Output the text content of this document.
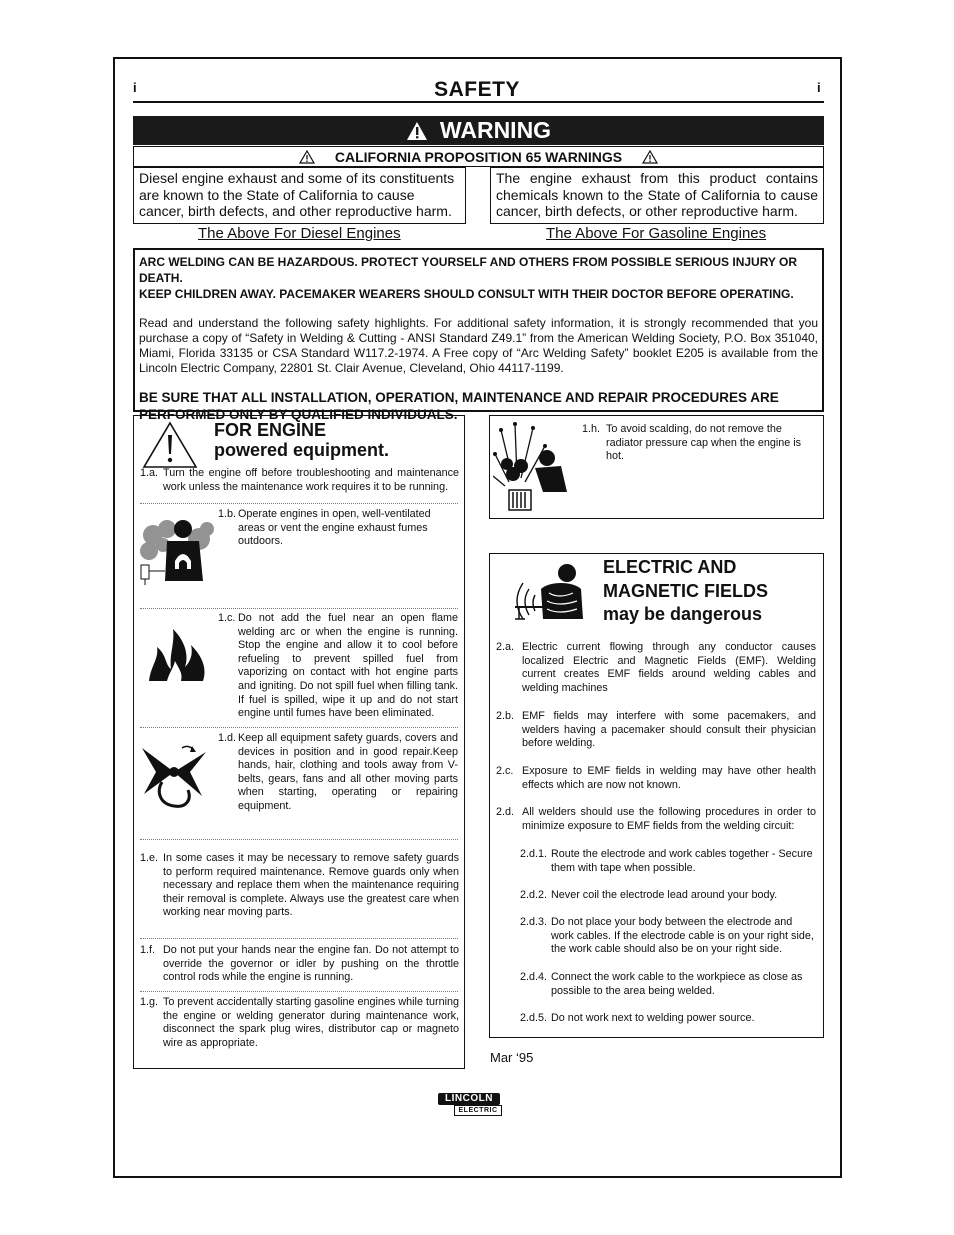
i	i
SAFETY
WARNING
CALIFORNIA PROPOSITION 65 WARNINGS
Diesel engine exhaust and some of its constituents are known to the State of California to cause cancer, birth defects, and other reproductive harm.
The engine exhaust from this product contains chemicals known to the State of California to cause cancer, birth defects, or other reproductive harm.
The Above For Diesel Engines	The Above For Gasoline Engines
ARC WELDING CAN BE HAZARDOUS. PROTECT YOURSELF AND OTHERS FROM POSSIBLE SERIOUS INJURY OR DEATH.
KEEP CHILDREN AWAY. PACEMAKER WEARERS SHOULD CONSULT WITH THEIR DOCTOR BEFORE OPERATING.
Read and understand the following safety highlights. For additional safety information, it is strongly recommended that you purchase a copy of “Safety in Welding & Cutting - ANSI Standard Z49.1” from the American Welding Society, P.O. Box 351040, Miami, Florida 33135 or CSA Standard W117.2-1974. A Free copy of “Arc Welding Safety” booklet E205 is available from the Lincoln Electric Company, 22801 St. Clair Avenue, Cleveland, Ohio 44117-1199.
BE SURE THAT ALL INSTALLATION, OPERATION, MAINTENANCE AND REPAIR PROCEDURES ARE PERFORMED ONLY BY QUALIFIED INDIVIDUALS.
FOR ENGINE
powered equipment.
1.a. Turn the engine off before troubleshooting and maintenance work unless the maintenance work requires it to be running.
1.b. Operate engines in open, well-ventilated areas or vent the engine exhaust fumes outdoors.
1.c. Do not add the fuel near an open flame welding arc or when the engine is running. Stop the engine and allow it to cool before refueling to prevent spilled fuel from vaporizing on contact with hot engine parts and igniting. Do not spill fuel when filling tank. If fuel is spilled, wipe it up and do not start engine until fumes have been eliminated.
1.d. Keep all equipment safety guards, covers and devices in position and in good repair.Keep hands, hair, clothing and tools away from V-belts, gears, fans and all other moving parts when starting, operating or repairing equipment.
1.e. In some cases it may be necessary to remove safety guards to perform required maintenance. Remove guards only when necessary and replace them when the maintenance requiring their removal is complete. Always use the greatest care when working near moving parts.
1.f. Do not put your hands near the engine fan. Do not attempt to override the governor or idler by pushing on the throttle control rods while the engine is running.
1.g. To prevent accidentally starting gasoline engines while turning the engine or welding generator during maintenance work, disconnect the spark plug wires, distributor cap or magneto wire as appropriate.
1.h. To avoid scalding, do not remove the radiator pressure cap when the engine is hot.
ELECTRIC AND
MAGNETIC FIELDS
may be dangerous
2.a. Electric current flowing through any conductor causes localized Electric and Magnetic Fields (EMF). Welding current creates EMF fields around welding cables and welding machines
2.b. EMF fields may interfere with some pacemakers, and welders having a pacemaker should consult their physician before welding.
2.c. Exposure to EMF fields in welding may have other health effects which are now not known.
2.d. All welders should use the following procedures in order to minimize exposure to EMF fields from the welding circuit:
2.d.1. Route the electrode and work cables together - Secure them with tape when possible.
2.d.2. Never coil the electrode lead around your body.
2.d.3. Do not place your body between the electrode and work cables. If the electrode cable is on your right side, the work cable should also be on your right side.
2.d.4. Connect the work cable to the workpiece as close as possible to the area being welded.
2.d.5. Do not work next to welding power source.
Mar ‘95
LINCOLN
ELECTRIC
